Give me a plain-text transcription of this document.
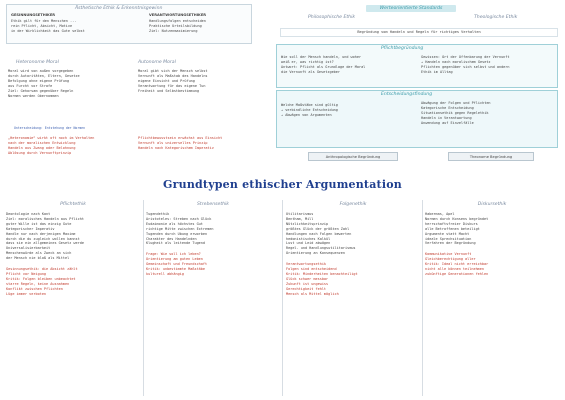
Ästhetische Ethik & Erkenntnisgewinn
GESINNUNGSETHIKER	VERANTWORTUNGSETHIKER
Ethik gilt für den Menschen ...
rein Pflicht, Absicht, Motive
in der Wirklichkeit das Gute selbst
Handlungsfolgen entscheiden
Praktische Urteilsbildung
Ziel: Nutzenmaximierung
Werteorientierte Standards
Philosophische Ethik	Theologische Ethik
Begründung vom Handeln und Regeln für richtiges Verhalten
Heteronome Moral	Autonome Moral
Moral wird von außen vorgegeben
durch Autoritäten, Eltern, Gesetze
Befolgung ohne eigene Prüfung
aus Furcht vor Strafe
Ziel: Gehorsam gegenüber Regeln
Normen werden übernommen
Moral gibt sich der Mensch selbst
Vernunft als Maßstab des Handelns
eigene Einsicht und Prüfung
Verantwortung für das eigene Tun
Freiheit und Selbstbestimmung
Unterscheidung: Entstehung der Normen
„Heteronomie“ wirkt oft noch im Verhalten
nach der moralischen Entwicklung
Handeln aus Zwang oder Belohnung
Ablösung durch Vernunftprinzip
Pflichtbewusstsein erwächst aus Einsicht
Vernunft als universelles Prinzip
Handeln nach Kategorischem Imperativ
Pflichtbegründung
Wie soll der Mensch handeln, und woher
weiß er, was richtig ist?
Antwort: Pflicht als Grundlage der Moral
die Vernunft als Gesetzgeber
Gewissen: Ort der Offenbarung der Vernunft
→ Handeln nach moralischem Gesetz
Pflichten gegenüber sich selbst und andern
Ethik im Alltag
Entscheidungsfindung
Welche Maßstäbe sind gültig
→ verbindliche Entscheidung
→ Abwägen von Argumenten
Abwägung der Folgen und Pflichten
Kategorische Entscheidung
Situationsethik gegen Regelethik
Handeln in Verantwortung
Anwendung auf Einzelfälle
Anthropologische Begründung	Theonome Begründung
Grundtypen ethischer Argumentation
Pflichtethik
Deontologie nach Kant
Ziel: moralisches Handeln aus Pflicht
guter Wille ist das einzig Gute
Kategorischer Imperativ
Handle nur nach derjenigen Maxime
durch die du zugleich wollen kannst
dass sie ein allgemeines Gesetz werde
Universalisierbarkeit
Menschenwürde als Zweck an sich
der Mensch nie bloß als Mittel
Gesinnungsethik: die Absicht zählt
Pflicht vor Neigung
Kritik: Folgen bleiben unbeachtet
starre Regeln, keine Ausnahmen
Konflikt zwischen Pflichten
Lüge immer verboten
Strebensethik
Tugendethik
Aristoteles: Streben nach Glück
Eudaimonie als höchstes Gut
richtige Mitte zwischen Extremen
Tugenden durch Übung erworben
Charakter des Handelnden
Klugheit als leitende Tugend
Frage: Wie soll ich leben?
Orientierung am guten Leben
Gemeinschaft und Freundschaft
Kritik: unbestimmte Maßstäbe
kulturell abhängig
Folgenethik
Utilitarismus
Bentham, Mill
Nützlichkeitsprinzip
größtes Glück der größten Zahl
Handlungen nach Folgen bewerten
hedonistisches Kalkül
Lust und Leid abwägen
Regel- und Handlungsutilitarismus
Orientierung an Konsequenzen
Verantwortungsethik
Folgen sind entscheidend
Kritik: Minderheiten benachteiligt
Glück schwer messbar
Zukunft ist ungewiss
Gerechtigkeit fehlt
Mensch als Mittel möglich
Diskursethik
Habermas, Apel
Normen durch Konsens begründet
herrschaftsfreier Diskurs
alle Betroffenen beteiligt
Argumente statt Macht
ideale Sprechsituation
Verfahren der Begründung
Kommunikative Vernunft
Gleichberechtigung aller
Kritik: Ideal nicht erreichbar
nicht alle können teilnehmen
zukünftige Generationen fehlen
